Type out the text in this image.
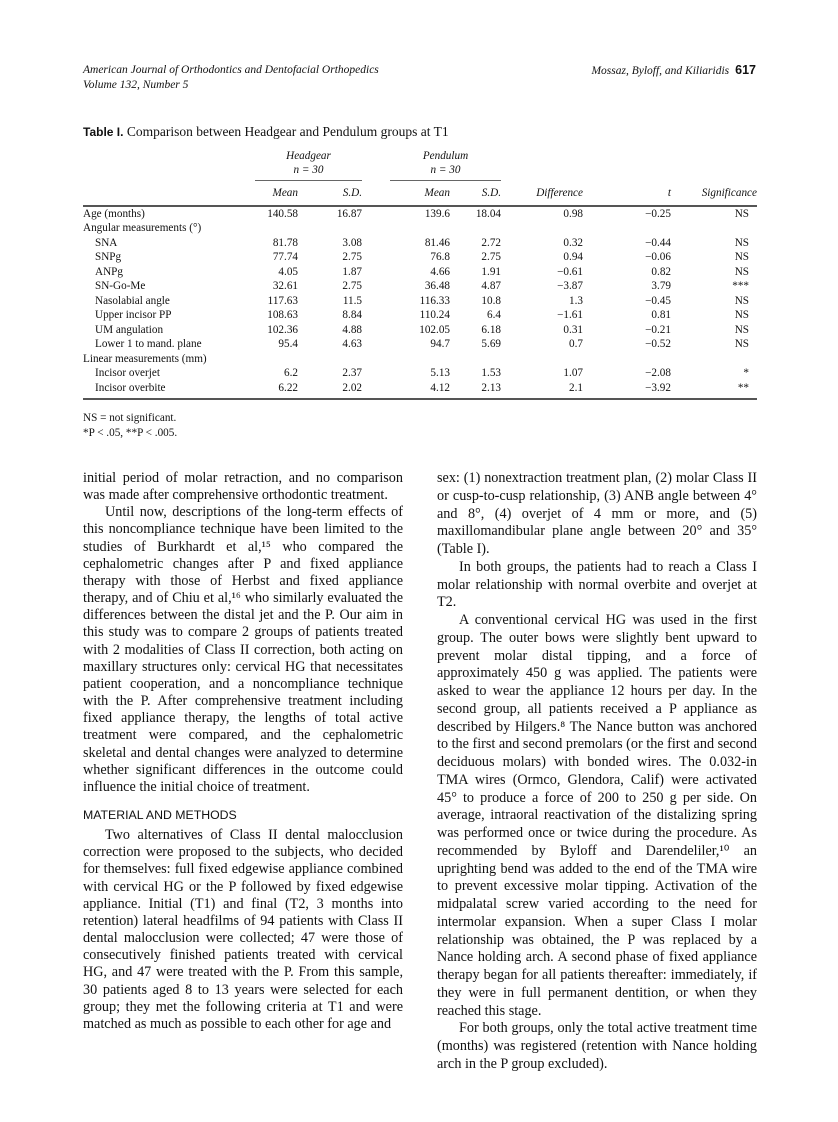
American Journal of Orthodontics and Dentofacial Orthopedics
Volume 132, Number 5
Mossaz, Byloff, and Kiliaridis 617
Table I. Comparison between Headgear and Pendulum groups at T1

	Headgear
n = 30		Pendulum
n = 30				

	Mean	S.D.	Mean	S.D.	Difference	t	Significance
Age (months)	140.58	16.87	139.6	18.04	0.98	−0.25	NS
Angular measurements (°)							
SNA	81.78	3.08	81.46	2.72	0.32	−0.44	NS
SNPg	77.74	2.75	76.8	2.75	0.94	−0.06	NS
ANPg	4.05	1.87	4.66	1.91	−0.61	0.82	NS
SN-Go-Me	32.61	2.75	36.48	4.87	−3.87	3.79	***
Nasolabial angle	117.63	11.5	116.33	10.8	1.3	−0.45	NS
Upper incisor PP	108.63	8.84	110.24	6.4	−1.61	0.81	NS
UM angulation	102.36	4.88	102.05	6.18	0.31	−0.21	NS
Lower 1 to mand. plane	95.4	4.63	94.7	5.69	0.7	−0.52	NS
Linear measurements (mm)							
Incisor overjet	6.2	2.37	5.13	1.53	1.07	−2.08	*
Incisor overbite	6.22	2.02	4.12	2.13	2.1	−3.92	**
NS = not significant.
*P < .05, **P < .005.

initial period of molar retraction, and no comparison was made after comprehensive orthodontic treatment.

Until now, descriptions of the long-term effects of this noncompliance technique have been limited to the studies of Burkhardt et al,¹⁵ who compared the cephalometric changes after P and fixed appliance therapy with those of Herbst and fixed appliance therapy, and of Chiu et al,¹⁶ who similarly evaluated the differences between the distal jet and the P. Our aim in this study was to compare 2 groups of patients treated with 2 modalities of Class II correction, both acting on maxillary structures only: cervical HG that necessitates patient cooperation, and a noncompliance technique with the P. After comprehensive treatment including fixed appliance therapy, the lengths of total active treatment were compared, and the cephalometric skeletal and dental changes were analyzed to determine whether significant differences in the outcome could influence the initial choice of treatment.

MATERIAL AND METHODS

Two alternatives of Class II dental malocclusion correction were proposed to the subjects, who decided for themselves: full fixed edgewise appliance combined with cervical HG or the P followed by fixed edgewise appliance. Initial (T1) and final (T2, 3 months into retention) lateral headfilms of 94 patients with Class II dental malocclusion were collected; 47 were those of consecutively finished patients treated with cervical HG, and 47 were treated with the P. From this sample, 30 patients aged 8 to 13 years were selected for each group; they met the following criteria at T1 and were matched as much as possible to each other for age and

sex: (1) nonextraction treatment plan, (2) molar Class II or cusp-to-cusp relationship, (3) ANB angle between 4° and 8°, (4) overjet of 4 mm or more, and (5) maxillomandibular plane angle between 20° and 35° (Table I).

In both groups, the patients had to reach a Class I molar relationship with normal overbite and overjet at T2.

A conventional cervical HG was used in the first group. The outer bows were slightly bent upward to prevent molar distal tipping, and a force of approximately 450 g was applied. The patients were asked to wear the appliance 12 hours per day. In the second group, all patients received a P appliance as described by Hilgers.⁸ The Nance button was anchored to the first and second premolars (or the first and second deciduous molars) with bonded wires. The 0.032-in TMA wires (Ormco, Glendora, Calif) were activated 45° to produce a force of 200 to 250 g per side. On average, intraoral reactivation of the distalizing spring was performed once or twice during the procedure. As recommended by Byloff and Darendeliler,¹⁰ an uprighting bend was added to the end of the TMA wire to prevent excessive molar tipping. Activation of the midpalatal screw varied according to the need for intermolar expansion. When a super Class I molar relationship was obtained, the P was replaced by a Nance holding arch. A second phase of fixed appliance therapy began for all patients thereafter: immediately, if they were in full permanent dentition, or when they reached this stage.

For both groups, only the total active treatment time (months) was registered (retention with Nance holding arch in the P group excluded).
